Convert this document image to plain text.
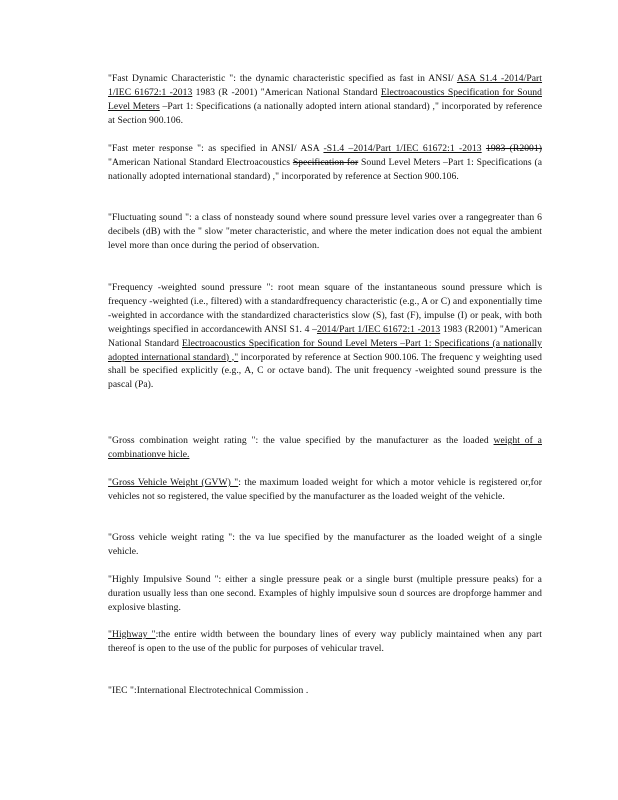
"Fast Dynamic Characteristic ": the dynamic characteristic specified as fast in ANSI/ ASA S1.4 -2014/Part 1/IEC 61672:1 -2013 1983 (R -2001) "American National Standard Electroacoustics Specification for Sound Level Meters –Part 1: Specifications (a nationally adopted intern ational standard) ," incorporated by reference at Section 900.106.
"Fast meter response ": as specified in ANSI/ ASA -S1.4 –2014/Part 1/IEC 61672:1 -2013 1983 (R2001) "American National Standard Electroacoustics Specification for Sound Level Meters –Part 1: Specifications (a nationally adopted international standard) ," incorporated by reference at Section 900.106.
"Fluctuating sound ": a class of nonsteady sound where sound pressure level varies over a rangegreater than 6 decibels (dB) with the " slow "meter characteristic, and where the meter indication does not equal the ambient level more than once during the period of observation.
"Frequency -weighted sound pressure ": root mean square of the instantaneous sound pressure which is frequency -weighted (i.e., filtered) with a standardfrequency characteristic (e.g., A or C) and exponentially time -weighted in accordance with the standardized characteristics slow (S), fast (F), impulse (I) or peak, with both weightings specified in accordancewith ANSI S1. 4 –2014/Part 1/IEC 61672:1 -2013 1983 (R2001) "American National Standard Electroacoustics Specification for Sound Level Meters –Part 1: Specifications (a nationally adopted international standard) ," incorporated by reference at Section 900.106. The frequenc y weighting used shall be specified explicitly (e.g., A, C or octave band). The unit frequency -weighted sound pressure is the pascal (Pa).
"Gross combination weight rating ": the value specified by the manufacturer as the loaded weight of a combinationve hicle.
"Gross Vehicle Weight (GVW) ": the maximum loaded weight for which a motor vehicle is registered or,for vehicles not so registered, the value specified by the manufacturer as the loaded weight of the vehicle.
"Gross vehicle weight rating ": the va lue specified by the manufacturer as the loaded weight of a single vehicle.
"Highly Impulsive Sound ": either a single pressure peak or a single burst (multiple pressure peaks) for a duration usually less than one second. Examples of highly impulsive soun d sources are dropforge hammer and explosive blasting.
"Highway ":the entire width between the boundary lines of every way publicly maintained when any part thereof is open to the use of the public for purposes of vehicular travel.
"IEC ":International Electrotechnical Commission .
